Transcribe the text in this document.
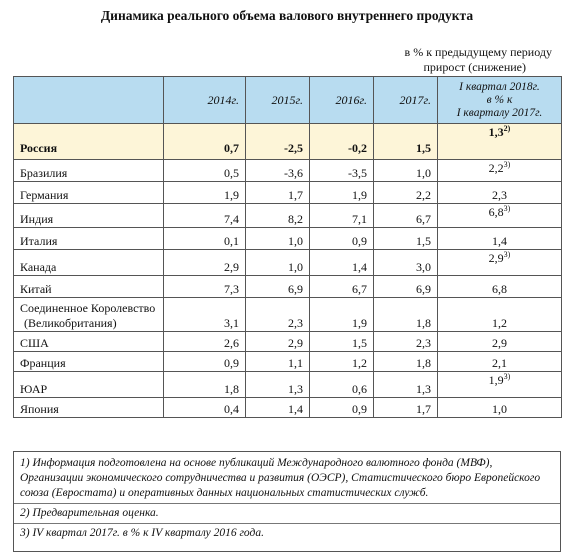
Динамика реального объема валового внутреннего продукта
в % к предыдущему периоду
прирост (снижение)
	2014г.	2015г.	2016г.	2017г.	I квартал 2018г.
в % к
I кварталу 2017г.

Россия	0,7	-2,5	-0,2	1,5	1,3$^{2)}$

Бразилия	0,5	-3,6	-3,5	1,0	2,2$^{3)}$

Германия	1,9	1,7	1,9	2,2	2,3

Индия	7,4	8,2	7,1	6,7	6,8$^{3)}$

Италия	0,1	1,0	0,9	1,5	1,4

Канада	2,9	1,0	1,4	3,0	2,9$^{3)}$

Китай	7,3	6,9	6,7	6,9	6,8

Соединенное Королевство
(Великобритания)	3,1	2,3	1,9	1,8	1,2

США	2,6	2,9	1,5	2,3	2,9

Франция	0,9	1,1	1,2	1,8	2,1

ЮАР	1,8	1,3	0,6	1,3	1,9$^{3)}$

Япония	0,4	1,4	0,9	1,7	1,0
1) Информация подготовлена на основе публикаций Международного валютного фонда (МВФ), Организации экономического сотрудничества и развития (ОЭСР), Статистического бюро Европейского союза (Евростата) и оперативных данных национальных статистических служб.
2) Предварительная оценка.
3) IV квартал 2017г. в % к IV кварталу 2016 года.
